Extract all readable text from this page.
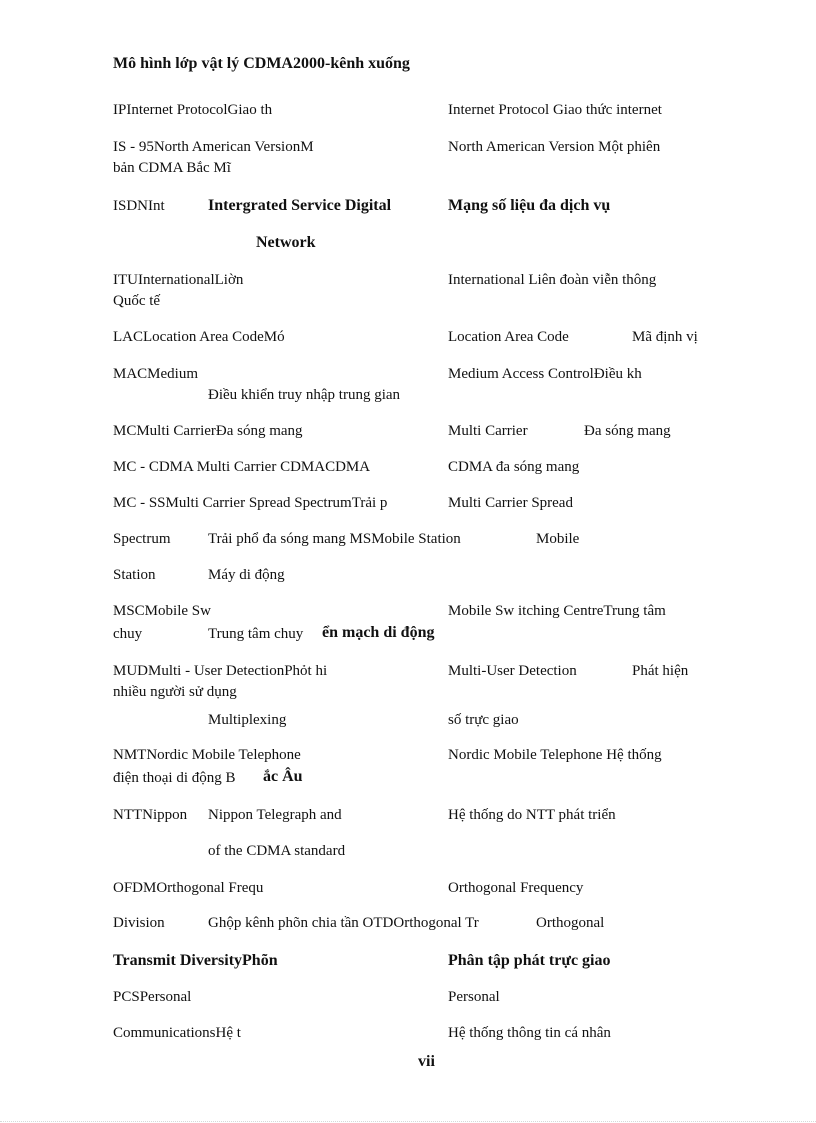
Mô hình lớp vật lý CDMA2000-kênh xuống
IPInternet ProtocolGiao th	Internet Protocol Giao thức internet
IS - 95North American VersionM	North American Version Một phiên
bản CDMA Bắc Mĩ
ISDNInt	Intergrated Service Digital	Mạng số liệu đa dịch vụ
Network
ITUInternationalLiờn	International Liên đoàn viễn thông
Quốc tế
LACLocation Area CodeMó	Location Area Code	Mã định vị
MACMedium	Medium Access ControlĐiều kh
Điều khiển truy nhập trung gian
MCMulti CarrierĐa sóng mang	Multi Carrier	Đa sóng mang
MC - CDMA Multi Carrier CDMACDMA	CDMA đa sóng mang
MC - SSMulti Carrier Spread SpectrumTrải p	Multi Carrier Spread
Spectrum	Trải phổ đa sóng mang MSMobile Station	Mobile
Station	Máy di động
MSCMobile Sw	Mobile Sw itching CentreTrung tâm
chuy	Trung tâm chuy ển mạch di động
MUDMulti - User DetectionPhỏt hi	Multi-User Detection	Phát hiện
nhiều người sử dụng
Multiplexing	số trực giao
NMTNordic Mobile Telephone	Nordic Mobile Telephone Hệ thống
điện thoại di động B ắc Âu
NTTNippon Nippon Telegraph and	Hệ thống do NTT phát triển
of the CDMA standard
OFDMOrthogonal Frequ	Orthogonal Frequency
Division	Ghộp kênh phõn chia tần OTDOrthogonal Tr	Orthogonal
Transmit DiversityPhõn	Phân tập phát trực giao
PCSPersonal	Personal
CommunicationsHệ t	Hệ thống thông tin cá nhân
vii
